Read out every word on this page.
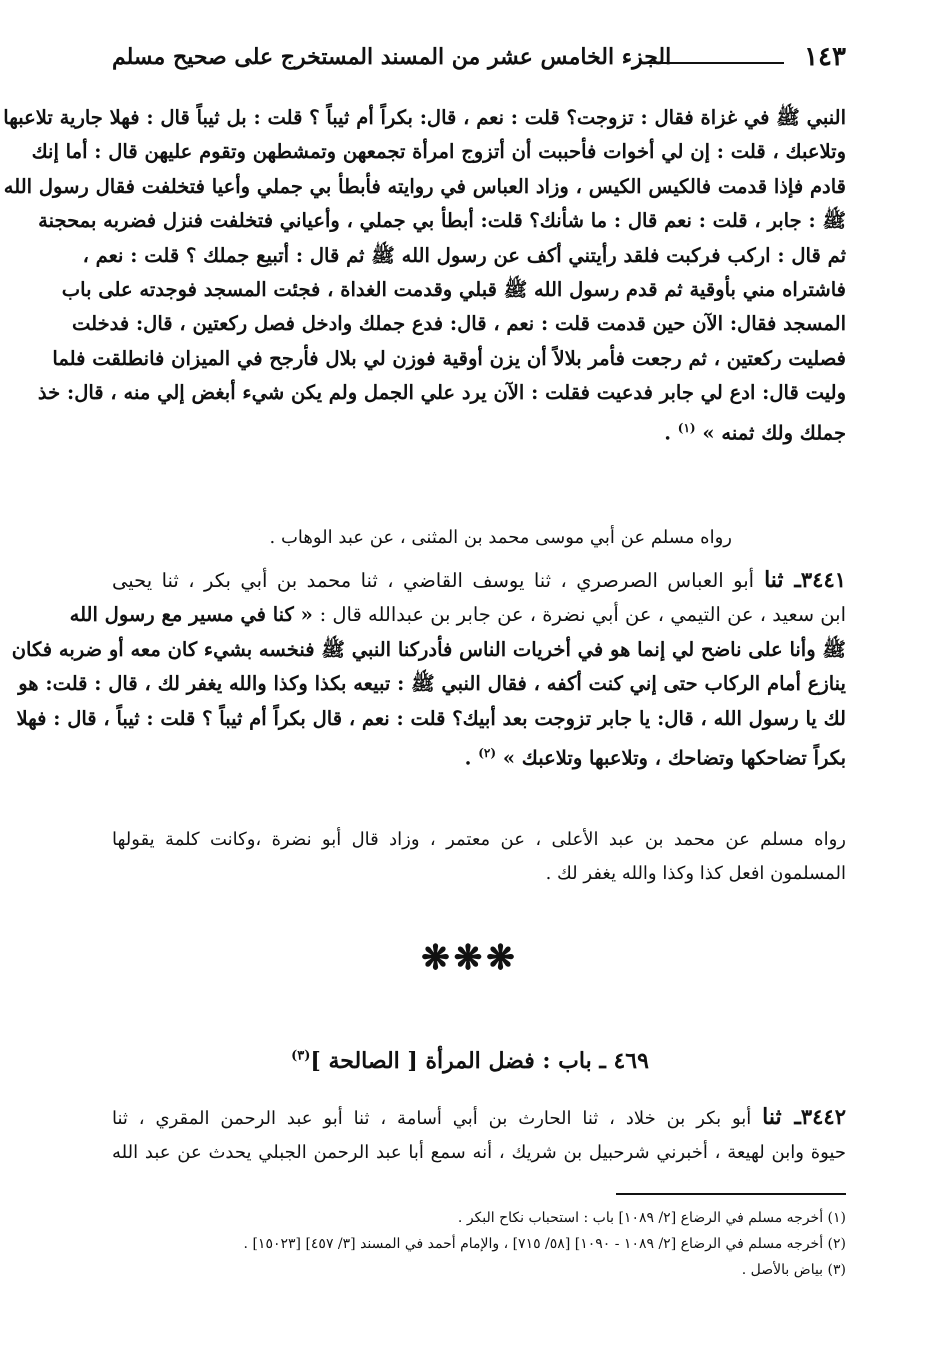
١٤٣
الجزء الخامس عشر من المسند المستخرج على صحيح مسلم
النبي ﷺ في غزاة فقال : تزوجت؟ قلت : نعم ، قال: بكراً أم ثيباً ؟ قلت : بل ثيباً قال : فهلا جارية تلاعبها
وتلاعبك ، قلت : إن لي أخوات فأحببت أن أتزوج امرأة تجمعهن وتمشطهن وتقوم عليهن قال : أما إنك
قادم فإذا قدمت فالكيس الكيس ، وزاد العباس في روايته فأبطأ بي جملي وأعيا فتخلفت فقال رسول الله
ﷺ : جابر ، قلت : نعم قال : ما شأنك؟ قلت: أبطأ بي جملي ، وأعياني فتخلفت فنزل فضربه بمحجنة
ثم قال : اركب فركبت فلقد رأيتني أكف عن رسول الله ﷺ ثم قال : أتبيع جملك ؟ قلت : نعم ،
فاشتراه مني بأوقية ثم قدم رسول الله ﷺ قبلي وقدمت الغداة ، فجئت المسجد فوجدته على باب
المسجد فقال: الآن حين قدمت قلت : نعم ، قال: فدع جملك وادخل فصل ركعتين ، قال: فدخلت
فصليت ركعتين ، ثم رجعت فأمر بلالاً أن يزن أوقية فوزن لي بلال فأرجح في الميزان فانطلقت فلما
وليت قال: ادع لي جابر فدعيت فقلت : الآن يرد علي الجمل ولم يكن شيء أبغض إلي منه ، قال: خذ
جملك ولك ثمنه » $^{(١)}$ .
رواه مسلم عن أبي موسى محمد بن المثنى ، عن عبد الوهاب .
٣٤٤١ـ ثنا أبو العباس الصرصري ، ثنا يوسف القاضي ، ثنا محمد بن أبي بكر ، ثنا يحيى
ابن سعيد ، عن التيمي ، عن أبي نضرة ، عن جابر بن عبدالله قال : « كنا في مسير مع رسول الله
ﷺ وأنا على ناضح لي إنما هو في أخريات الناس فأدركنا النبي ﷺ فنخسه بشيء كان معه أو ضربه فكان
ينازع أمام الركاب حتى إني كنت أكفه ، فقال النبي ﷺ : تبيعه بكذا وكذا والله يغفر لك ، قال : قلت: هو
لك يا رسول الله ، قال: يا جابر تزوجت بعد أبيك؟ قلت : نعم ، قال بكراً أم ثيباً ؟ قلت : ثيباً ، قال : فهلا
بكراً تضاحكها وتضاحك ، وتلاعبها وتلاعبك » $^{(٢)}$ .
رواه مسلم عن محمد بن عبد الأعلى ، عن معتمر ، وزاد قال أبو نضرة ،وكانت كلمة يقولها
المسلمون افعل كذا وكذا والله يغفر لك .
❋❋❋
٤٦٩ ـ باب : فضل المرأة [ الصالحة ]$^{(٣)}$
٣٤٤٢ـ ثنا أبو بكر بن خلاد ، ثنا الحارث بن أبي أسامة ، ثنا أبو عبد الرحمن المقري ، ثنا
حيوة وابن لهيعة ، أخبرني شرحبيل بن شريك ، أنه سمع أبا عبد الرحمن الجبلي يحدث عن عبد الله
(١) أخرجه مسلم في الرضاع [٢/ ١٠٨٩] باب : استحباب نكاح البكر .
(٢) أخرجه مسلم في الرضاع [٢/ ١٠٨٩ - ١٠٩٠] [٥٨/ ٧١٥] ، والإمام أحمد في المسند [٣/ ٤٥٧] [١٥٠٢٣] .
(٣) بياض بالأصل .
